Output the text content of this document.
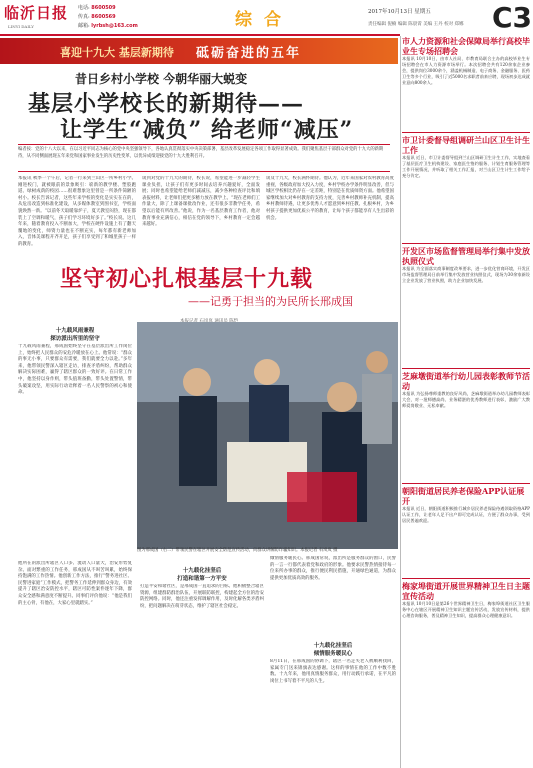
临沂日报
LINYI DAILY
电话: 8600509
传真: 8600569
邮箱: lyrbsh@163.com	综合	2017年10月13日 星期五
责任编辑 倪楠 编辑 陈晨霄 美编 王丹 校对 郑娜 C3
喜迎十九大 基层新期待 砥砺奋进的五年
昔日乡村小学校 今朝华丽大蜕变
基层小学校长的新期待——
让学生“减负” 给老师“减压”
编者按：党的十八大以来，在以习近平同志为核心的党中央坚强领导下，各地认真贯彻落实中央决策部署，基层改革发展稳定各项工作取得显著成效。我们聚焦基层干部群众对党的十九大的新期待，从不同侧面展现五年来党和国家事业发生的历史性变革，以优异成绩迎接党的十九大胜利召开。
本报讯 秋季一个午后，记者一行来到兰山区一所乡村小学。刚进校门，就被眼前的景象吸引：崭新的教学楼、塑胶跑道、绿树成荫的校园……很难想象这里曾是一所条件简陋的村小。校长告诉记者，这些年来学校的变化是实实在在的，从危房改造到标准化建设，从多媒体教室到图书室，学校面貌焕然一新。“以前冬天取暖靠炉子，夏天教室闷热，现在都装上了空调和暖气，孩子们学习环境好多了。”校长说。这几年来，随着教育投入不断加大，学校在硬件设施上有了翻天覆地的变化，师资力量也在不断充实，每年都有新老师加入，音体美课程开齐开足，孩子们享受到了和城里孩子一样的教育。
谈到对党的十九大的期待，校长说，希望能进一步减轻学生课业负担，让孩子们有更多时间去培养兴趣爱好，全面发展；同时也希望能给老师们减减压，减少各种检查评比和填表报材料，让老师们把更多精力放在教学上。“现在老师们工作量大，除了上课备课批改作业，还有很多非教学任务，希望以后能有所改善。”他说，作为一名基层教育工作者，他对教育事业充满信心，相信在党的领导下，乡村教育一定会越来越好。
谈及十九大，校长满怀期待。他认为，近年来国家对农村教育高度重视，各级政府加大投入力度，乡村学校办学条件明显改善，但与城区学校相比仍存在一定差距，特别是在优质师资方面。他希望国家继续加大对乡村教育的支持力度，完善乡村教师补充机制，提高乡村教师待遇，让更多优秀人才愿意到乡村任教、扎根乡村，为乡村孩子提供更加优质公平的教育，让每个孩子都能享有人生出彩的机会。
坚守初心扎根基层十九载
——记勇于担当的为民所长邢成国
十九载风雨兼程
探访派出所里的坚守
十九载风雨兼程，邢成国始终坚守在基层派出所工作岗位上，始终把人民群众的安危冷暖放在心上。他常说：“群众的事无小事，只要群众有需要，我们就要全力以赴。”多年来，他带领民警深入辖区走访，排查矛盾纠纷，帮助群众解决实际困难，赢得了辖区群众的一致好评。在日常工作中，他坚持以身作则，带头值班备勤，带头处置警情，带头破案攻坚，用实际行动诠释着一名人民警察的初心和使命。
他所在的派出所辖区人口多、流动人口量大，治安形势复杂。面对繁重的工作任务，邢成国从不叫苦叫累，始终保持饱满的工作热情。他创新工作方法，推行“警务进社区、民警进家庭”工作模式，把警务工作延伸到群众身边，有效提升了辖区治安防控水平，辖区可防性案件逐年下降，群众安全感和满意度不断提升。同事们评价他说：“他是我们的主心骨，有他在，大家心里就踏实。”
图为邢成国（右二）带领民警在辖区开展安全防范宣传活动，向群众讲解防诈骗知识。本报记者 石岚岚 摄
十九载化挂坚后
打造和谐第一方平安
打造平安和谐社区，是邢成国一直追求的目标。他积极整合辖区资源，组建群防群治队伍，开展联防联控，构建起全方位的治安防控网络。同时，他还注重发挥调解作用，及时化解各类矛盾纠纷，把问题解决在萌芽状态，维护了辖区社会稳定。
倾情服务暖民心。邢成国常说，派出所是服务群众的窗口，民警的一言一行都代表着党和政府的形象。他要求民警热情接待每一位来所办事的群众，推行便民利民措施，开通绿色通道，为群众提供更加优质高效的服务。
十九载化挂坚后
倾情服务暖民心
8月11日，在邢成国的协调下，辖区一名走失老人被顺利找回，家属专门送来锦旗表达感谢。这样的事情在他的工作中数不胜数。十九年来，他用真情服务群众，用行动践行承诺，在平凡的岗位上书写着不平凡的人生。
市人力资源和社会保障局举行高校毕业生专场招聘会
本报讯 10月10日，由市人社局、市教育局联合主办的高校毕业生专场招聘会在市人力资源市场举行。本次招聘会共有120余家企业参会，提供岗位3000余个，涵盖机械制造、电子商务、金融服务、医药卫生等多个行业，吸引了近5000名求职者前来应聘，现场初步达成就业意向800余人。
市卫计委督导组调研兰山区卫生计生工作
本报讯 近日，市卫计委督导组到兰山区调研卫生计生工作，实地查看了基层医疗卫生机构建设、家庭医生签约服务、计划生育服务管理等工作开展情况，并听取了相关工作汇报，对兰山区卫生计生工作给予充分肯定。
开发区市场监督管理局举行集中发放执照仪式
本报讯 为全面落实商事制度改革要求，进一步优化营商环境，开发区市场监督管理局日前举行集中发放营业执照仪式，现场为30余家新设立企业发放了营业执照，助力企业加快发展。
芝麻墩街道举行幼儿园表彰教师节活动
本报讯 为弘扬尊师重教的良好风尚，芝麻墩街道举办幼儿园教师表彰大会，对一批师德高尚、业务精湛的优秀教师进行表彰，激励广大教师爱岗敬业、无私奉献。
朝阳街道居民养老保险APP认证展开
本报讯 近日，朝阳街道积极推行城乡居民养老保险待遇领取资格APP认证工作，让老年人足不出户即可完成认证，方便了群众办事，受到居民普遍欢迎。
梅家埠街道开展世界精神卫生日主题宣传活动
本报讯 10月10日是第26个世界精神卫生日，梅家埠街道社区卫生服务中心在辖区开展精神卫生知识主题宣传活动，发放宣传材料，提供心理咨询服务，普及精神卫生知识，提高群众心理健康意识。
